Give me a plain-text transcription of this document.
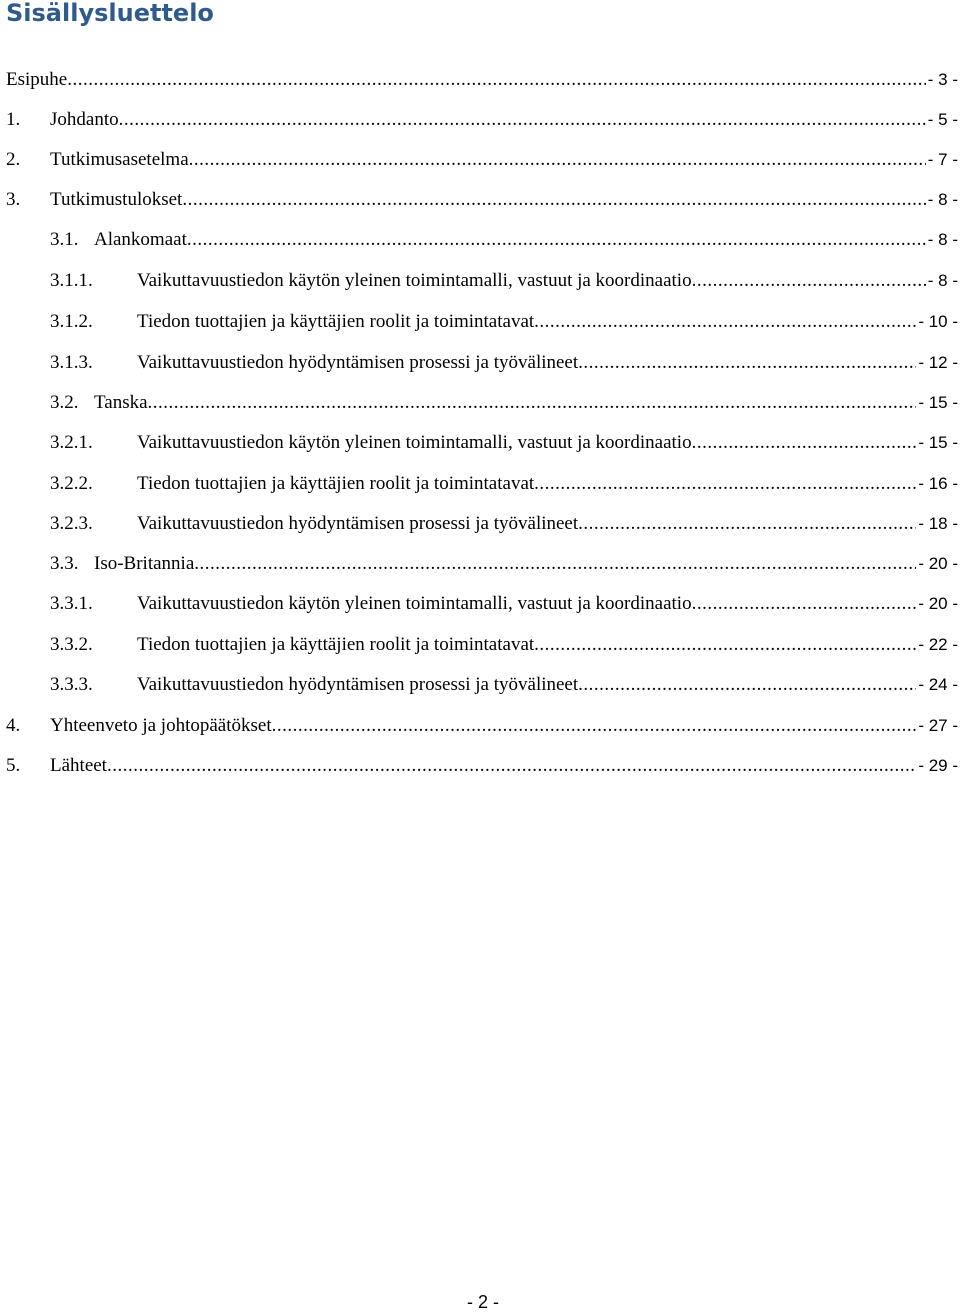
Sisällysluettelo
Esipuhe .....	- 3 -
1.	Johdanto .....	- 5 -
2.	Tutkimusasetelma .....	- 7 -
3.	Tutkimustulokset .....	- 8 -
3.1. Alankomaat .....	- 8 -
3.1.1.	Vaikuttavuustiedon käytön yleinen toimintamalli, vastuut ja koordinaatio .....	- 8 -
3.1.2.	Tiedon tuottajien ja käyttäjien roolit ja toimintatavat .....	- 10 -
3.1.3.	Vaikuttavuustiedon hyödyntämisen prosessi ja työvälineet .....	- 12 -
3.2. Tanska .....	- 15 -
3.2.1.	Vaikuttavuustiedon käytön yleinen toimintamalli, vastuut ja koordinaatio .....	- 15 -
3.2.2.	Tiedon tuottajien ja käyttäjien roolit ja toimintatavat .....	- 16 -
3.2.3.	Vaikuttavuustiedon hyödyntämisen prosessi ja työvälineet .....	- 18 -
3.3. Iso-Britannia .....	- 20 -
3.3.1.	Vaikuttavuustiedon käytön yleinen toimintamalli, vastuut ja koordinaatio .....	- 20 -
3.3.2.	Tiedon tuottajien ja käyttäjien roolit ja toimintatavat .....	- 22 -
3.3.3.	Vaikuttavuustiedon hyödyntämisen prosessi ja työvälineet .....	- 24 -
4.	Yhteenveto ja johtopäätökset .....	- 27 -
5.	Lähteet .....	- 29 -
- 2 -
